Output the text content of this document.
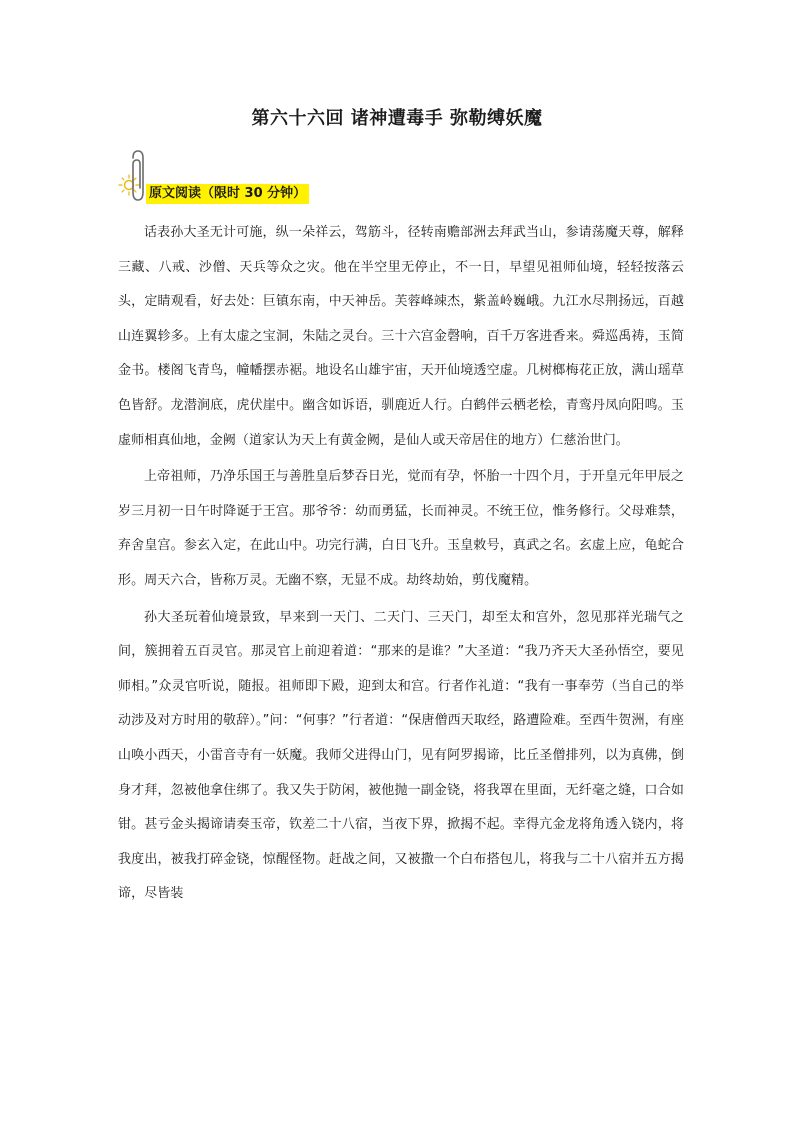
第六十六回 诸神遭毒手 弥勒缚妖魔
原文阅读（限时 30 分钟）

话表孙大圣无计可施，纵一朵祥云，驾筋斗，径转南赡部洲去拜武当山，参请荡魔天尊，解释三藏、八戒、沙僧、天兵等众之灾。他在半空里无停止，不一日，早望见祖师仙境，轻轻按落云头，定睛观看，好去处：巨镇东南，中天神岳。芙蓉峰竦杰，紫盖岭巍峨。九江水尽荆扬远，百越山连翼轸多。上有太虚之宝洞，朱陆之灵台。三十六宫金磬响，百千万客进香来。舜巡禹祷，玉简金书。楼阁飞青鸟，幢幡摆赤裾。地设名山雄宇宙，天开仙境透空虚。几树榔梅花正放，满山瑶草色皆舒。龙潜涧底，虎伏崖中。幽含如诉语，驯鹿近人行。白鹤伴云栖老桧，青鸾丹凤向阳鸣。玉虚师相真仙地，金阙（道家认为天上有黄金阙，是仙人或天帝居住的地方）仁慈治世门。

上帝祖师，乃净乐国王与善胜皇后梦吞日光，觉而有孕，怀胎一十四个月，于开皇元年甲辰之岁三月初一日午时降诞于王宫。那爷爷：幼而勇猛，长而神灵。不统王位，惟务修行。父母难禁，弃舍皇宫。参玄入定，在此山中。功完行满，白日飞升。玉皇敕号，真武之名。玄虚上应，龟蛇合形。周天六合，皆称万灵。无幽不察，无显不成。劫终劫始，剪伐魔精。

孙大圣玩着仙境景致，早来到一天门、二天门、三天门，却至太和宫外，忽见那祥光瑞气之间，簇拥着五百灵官。那灵官上前迎着道：“那来的是谁？”大圣道：“我乃齐天大圣孙悟空，要见师相。”众灵官听说，随报。祖师即下殿，迎到太和宫。行者作礼道：“我有一事奉劳（当自己的举动涉及对方时用的敬辞）。”问：“何事？”行者道：“保唐僧西天取经，路遭险难。至西牛贺洲，有座山唤小西天，小雷音寺有一妖魔。我师父进得山门，见有阿罗揭谛，比丘圣僧排列，以为真佛，倒身才拜，忽被他拿住绑了。我又失于防闲，被他抛一副金铙，将我罩在里面，无纤毫之缝，口合如钳。甚亏金头揭谛请奏玉帝，钦差二十八宿，当夜下界，掀揭不起。幸得亢金龙将角透入铙内，将我度出，被我打碎金铙，惊醒怪物。赶战之间，又被撒一个白布搭包儿，将我与二十八宿并五方揭谛，尽皆装
